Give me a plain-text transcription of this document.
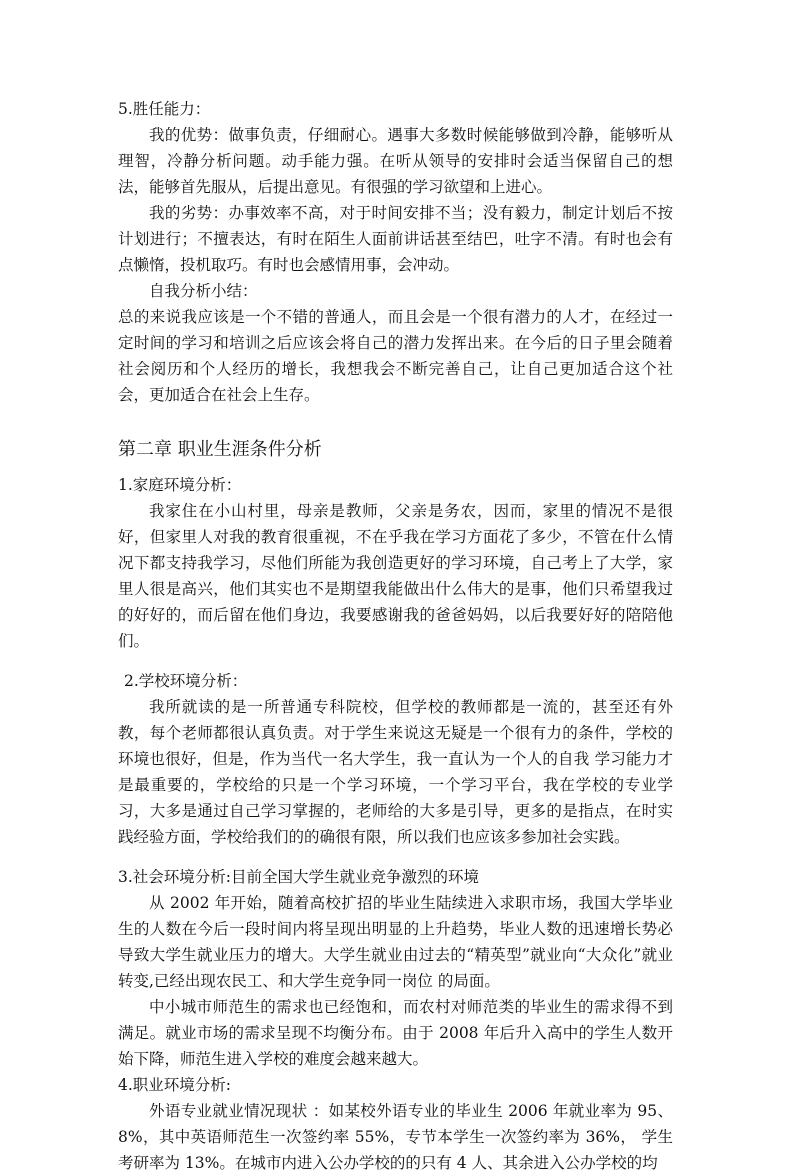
5.胜任能力：

我的优势：做事负责，仔细耐心。遇事大多数时候能够做到冷静，能够听从理智，冷静分析问题。动手能力强。在听从领导的安排时会适当保留自己的想法，能够首先服从，后提出意见。有很强的学习欲望和上进心。

我的劣势：办事效率不高，对于时间安排不当；没有毅力，制定计划后不按计划进行；不擅表达，有时在陌生人面前讲话甚至结巴，吐字不清。有时也会有点懒惰，投机取巧。有时也会感情用事，会冲动。

自我分析小结：

总的来说我应该是一个不错的普通人，而且会是一个很有潜力的人才，在经过一定时间的学习和培训之后应该会将自己的潜力发挥出来。在今后的日子里会随着社会阅历和个人经历的增长，我想我会不断完善自己，让自己更加适合这个社会，更加适合在社会上生存。

第二章 职业生涯条件分析

1.家庭环境分析：

我家住在小山村里，母亲是教师，父亲是务农，因而，家里的情况不是很好，但家里人对我的教育很重视，不在乎我在学习方面花了多少，不管在什么情况下都支持我学习，尽他们所能为我创造更好的学习环境，自己考上了大学，家里人很是高兴，他们其实也不是期望我能做出什么伟大的是事，他们只希望我过的好好的，而后留在他们身边，我要感谢我的爸爸妈妈，以后我要好好的陪陪他们。

2.学校环境分析：

我所就读的是一所普通专科院校，但学校的教师都是一流的，甚至还有外教，每个老师都很认真负责。对于学生来说这无疑是一个很有力的条件，学校的环境也很好，但是，作为当代一名大学生，我一直认为一个人的自我 学习能力才是最重要的，学校给的只是一个学习环境，一个学习平台，我在学校的专业学习，大多是通过自己学习掌握的，老师给的大多是引导，更多的是指点，在时实践经验方面，学校给我们的的确很有限，所以我们也应该多参加社会实践。

3.社会环境分析:目前全国大学生就业竞争激烈的环境

从 2002 年开始，随着高校扩招的毕业生陆续进入求职市场，我国大学毕业生的人数在今后一段时间内将呈现出明显的上升趋势，毕业人数的迅速增长势必导致大学生就业压力的增大。大学生就业由过去的“精英型”就业向“大众化”就业转变,已经出现农民工、和大学生竞争同一岗位 的局面。

中小城市师范生的需求也已经饱和，而农村对师范类的毕业生的需求得不到满足。就业市场的需求呈现不均衡分布。由于 2008 年后升入高中的学生人数开始下降，师范生进入学校的难度会越来越大。

4.职业环境分析:

外语专业就业情况现状 ：如某校外语专业的毕业生 2006 年就业率为 95、8%，其中英语师范生一次签约率 55%，专节本学生一次签约率为 36%， 学生考研率为 13%。在城市内进入公办学校的的只有 4 人、其余进入公办学校的均
